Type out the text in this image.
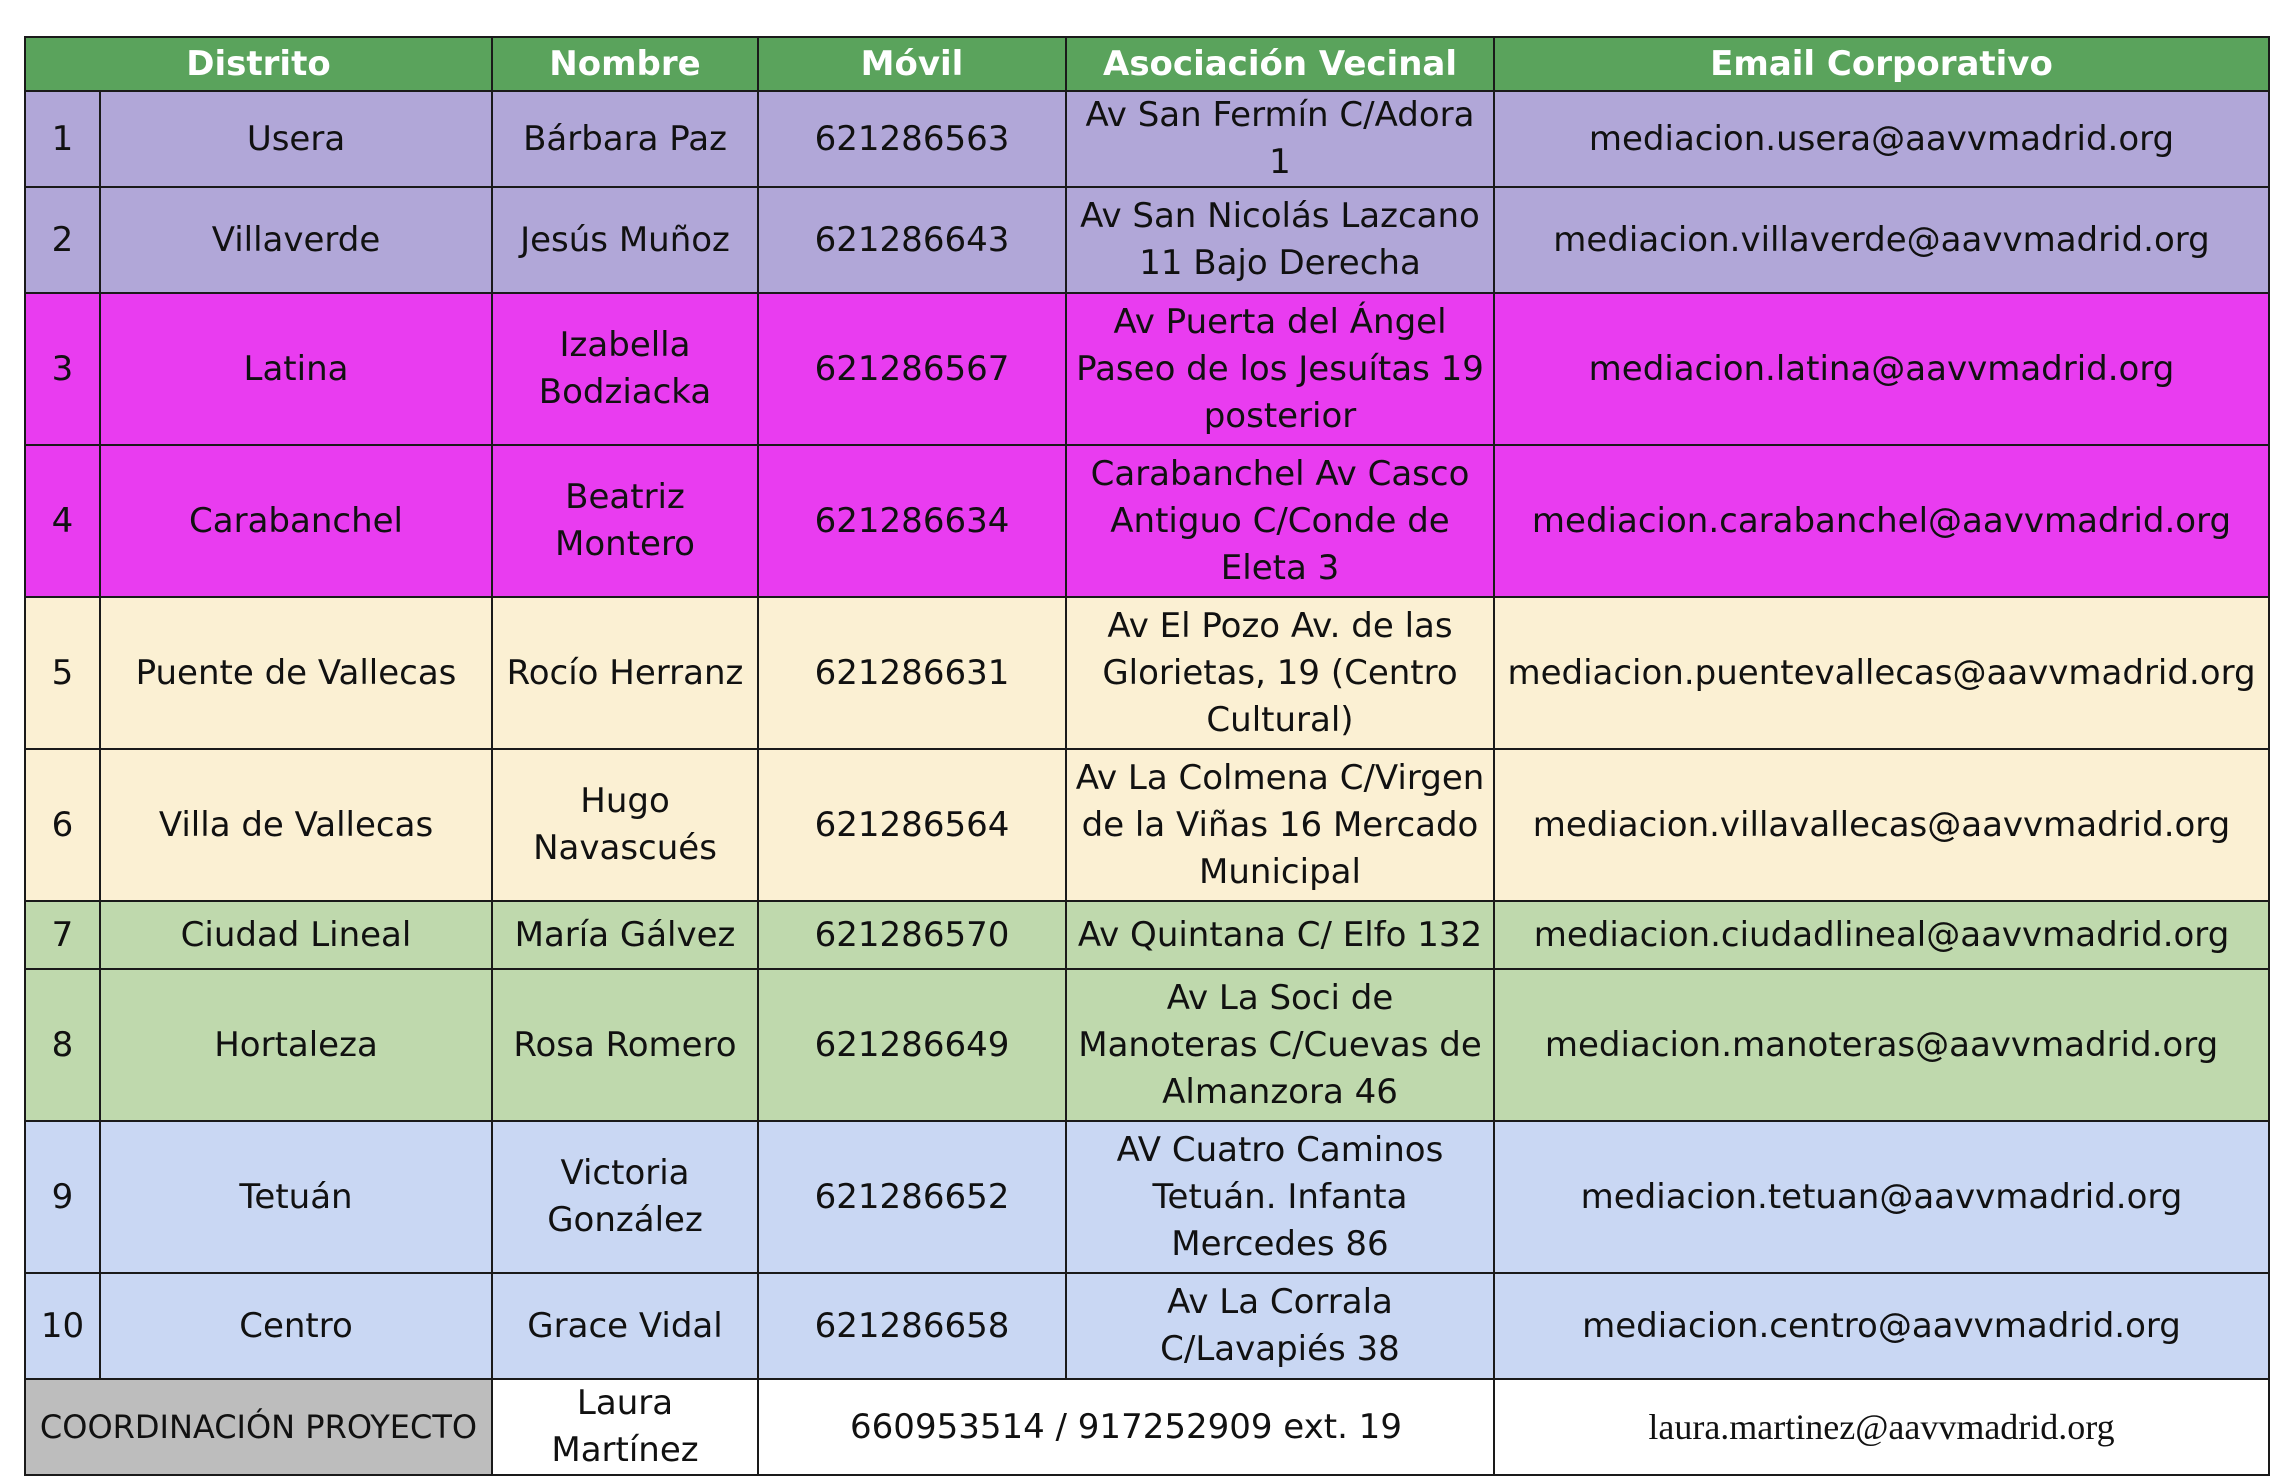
Distrito		Nombre	Móvil	Asociación Vecinal	Email Corporativo
1	Usera	Bárbara Paz	621286563	Av San Fermín C/Adora 1	mediacion.usera@aavvmadrid.org
2	Villaverde	Jesús Muñoz	621286643	Av San Nicolás Lazcano 11 Bajo Derecha	mediacion.villaverde@aavvmadrid.org
3	Latina	Izabella Bodziacka	621286567	Av Puerta del Ángel Paseo de los Jesuítas 19 posterior	mediacion.latina@aavvmadrid.org
4	Carabanchel	Beatriz Montero	621286634	Carabanchel Av Casco Antiguo C/Conde de Eleta 3	mediacion.carabanchel@aavvmadrid.org
5	Puente de Vallecas	Rocío Herranz	621286631	Av El Pozo Av. de las Glorietas, 19 (Centro Cultural)	mediacion.puentevallecas@aavvmadrid.org
6	Villa de Vallecas	Hugo Navascués	621286564	Av La Colmena C/Virgen de la Viñas 16 Mercado Municipal	mediacion.villavallecas@aavvmadrid.org
7	Ciudad Lineal	María Gálvez	621286570	Av Quintana C/ Elfo 132	mediacion.ciudadlineal@aavvmadrid.org
8	Hortaleza	Rosa Romero	621286649	Av La Soci de Manoteras C/Cuevas de Almanzora 46	mediacion.manoteras@aavvmadrid.org
9	Tetuán	Victoria González	621286652	AV Cuatro Caminos Tetuán. Infanta Mercedes 86	mediacion.tetuan@aavvmadrid.org
10	Centro	Grace Vidal	621286658	Av La Corrala C/Lavapiés 38	mediacion.centro@aavvmadrid.org
COORDINACIÓN PROYECTO		Laura Martínez	660953514 / 917252909 ext. 19		laura.martinez@aavvmadrid.org
